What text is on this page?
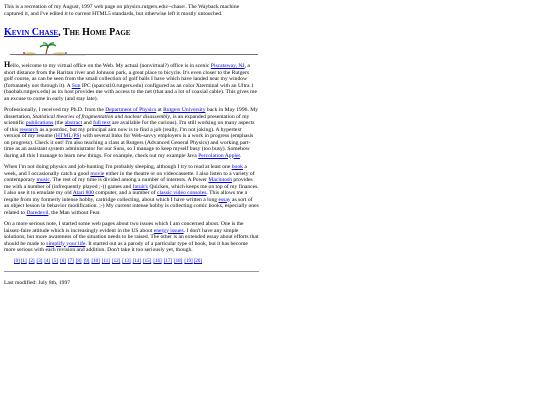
This is a recreation of my August, 1997 web page on physics.rutgers.edu/~chase/. The Wayback machine captured it, and I've edited it to current HTML5 standards, but otherwise left it mostly untouched.

Kevin Chase, The Home Page

Hello, welcome to my virtual office on the Web. My actual (nonvirtual?) office is in scenic Piscataway, NJ, a short distance from the Raritan river and Johnson park, a great place to bicycle. It's even closer to the Rutgers golf course, as can be seen from the small collection of golf balls I have which have landed near my window (fortunately not through it). A Sun IPC (sparcst10.rutgers.edu) configured as an color Xterminal with an Ultra 1 (baobab.rutgers.edu) as its host provides me with access to the net (that and a lot of coaxial cable). This gives me an excuse to come in early (and stay late).

Professionally, I received my Ph.D. from the Department of Physics at Rutgers University back in May 1996. My dissertation, Statistical theories of fragmentation and nuclear disassembly, is an expanded presentation of my scientific publications (the abstract and full text are available for the curious). I'm still working on many aspects of this research as a postdoc, but my principal aim now is to find a job (really, I'm not joking). A hypertext version of my resume (HTML/PS) with several links for Web-savvy employers is a work in progress (emphasis on progress). Check it out! I'm also teaching a class at Rutgers (Advanced General Physics) and working part-time as an assistant system administrator for our Suns, so I manage to keep myself busy (too busy). Somehow during all this I manage to learn new things. For example, check out my example Java Percolation Applet.

When I'm not doing physics and job-hunting I'm probably sleeping, although I try to read at least one book a week, and I occasionally catch a good movie either in the theatre or on videocassette. I also listen to a variety of contemporary music. The rest of my time is divided among a number of interests. A Power Macintosh provides me with a number of (infrequently played ;-)) games and Intuit's Quicken, which keeps me on top of my finances. I also use it to emulate my old Atari 800 computer, and a number of classic video consoles. This allows me a respite from my formerly intense hobby, cartridge collecting, about which I have written a long essay as sort of an object lesson in behavior modification. ;-) My current intense hobby is collecting comic books, especially ones related to Daredevil, the Man without Fear.

On a more serious note, I started some web pages about two issues which I am concerned about. One is the laissez-faire attitude which is increasingly evident in the US about energy issues. I don't have any simple solutions, but more awareness of the situation needs to be raised. The other is an extended essay about efforts that should be made to simplify your life. It started out as a parody of a particular type of book, but it has become more serious with each revision and addition. Don't take it too seriously yet, though.

[0] [1] [2] [3] [4] [5] [6] [7] [8] [9] [10] [11] [12] [13] [14] [15] [16] [17] [18] [19] [20]
Last modified: July 8th, 1997
